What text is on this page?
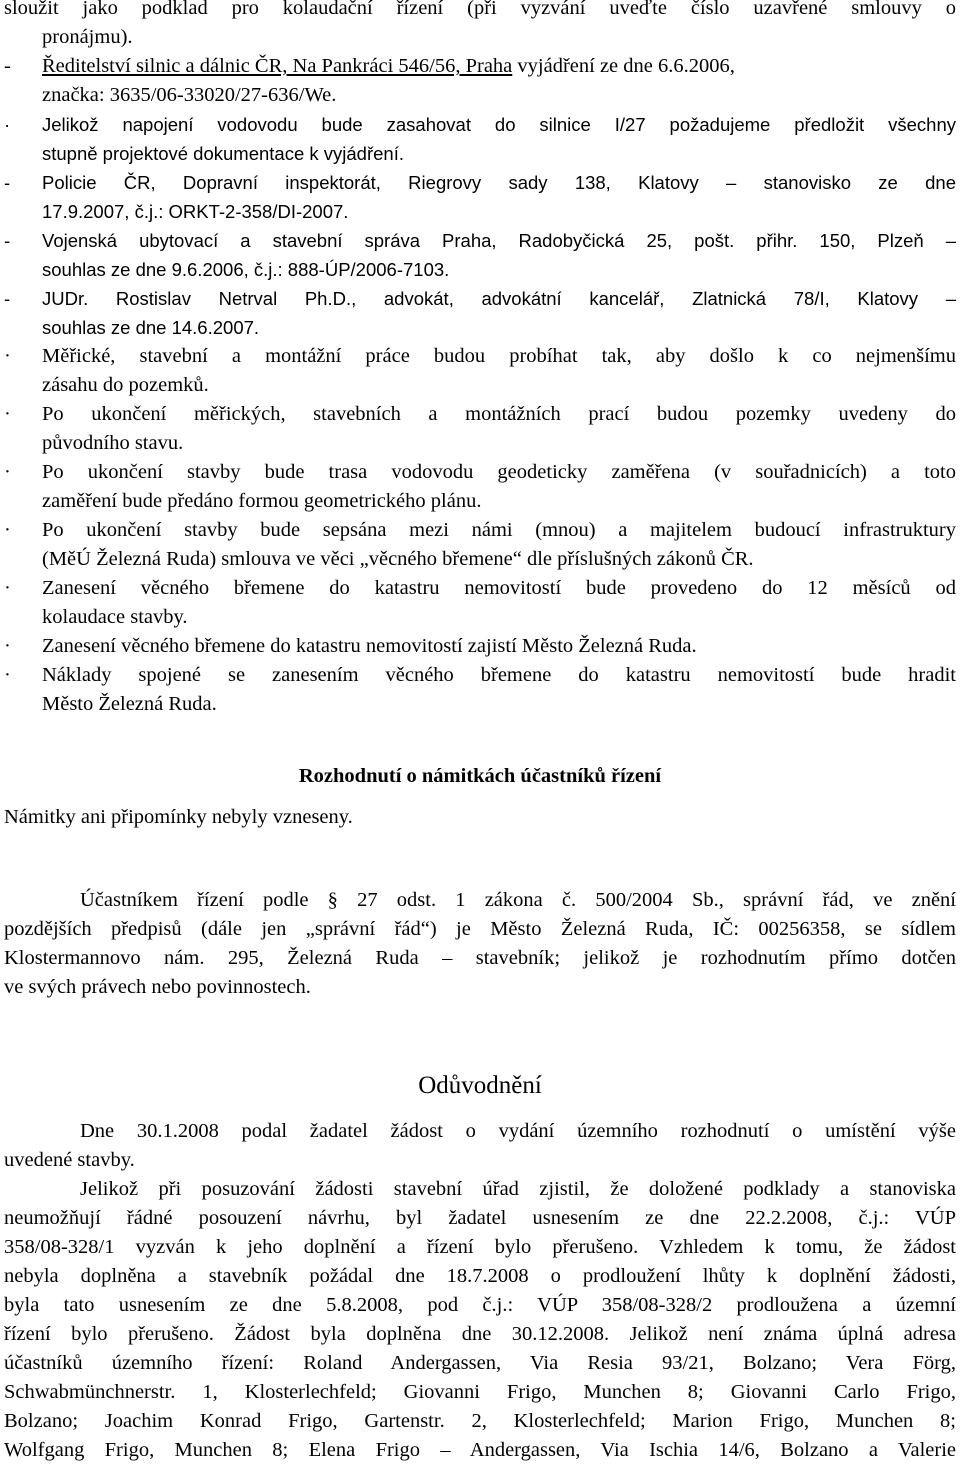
sloužit jako podklad pro kolaudační řízení (při vyzvání uveďte číslo uzavřené smlouvy o
pronájmu).
- Ředitelství silnic a dálnic ČR, Na Pankráci 546/56, Praha vyjádření ze dne 6.6.2006,
značka: 3635/06-33020/27-636/We.
· Jelikož napojení vodovodu bude zasahovat do silnice I/27 požadujeme předložit všechny
stupně projektové dokumentace k vyjádření.
- Policie ČR, Dopravní inspektorát, Riegrovy sady 138, Klatovy – stanovisko ze dne
17.9.2007, č.j.: ORKT-2-358/DI-2007.
- Vojenská ubytovací a stavební správa Praha, Radobyčická 25, pošt. přihr. 150, Plzeň –
souhlas ze dne 9.6.2006, č.j.: 888-ÚP/2006-7103.
- JUDr. Rostislav Netrval Ph.D., advokát, advokátní kancelář, Zlatnická 78/I, Klatovy –
souhlas ze dne 14.6.2007.
· Měřické, stavební a montážní práce budou probíhat tak, aby došlo k co nejmenšímu
zásahu do pozemků.
· Po ukončení měřických, stavebních a montážních prací budou pozemky uvedeny do
původního stavu.
· Po ukončení stavby bude trasa vodovodu geodeticky zaměřena (v souřadnicích) a toto
zaměření bude předáno formou geometrického plánu.
· Po ukončení stavby bude sepsána mezi námi (mnou) a majitelem budoucí infrastruktury
(MěÚ Železná Ruda) smlouva ve věci „věcného břemene“ dle příslušných zákonů ČR.
· Zanesení věcného břemene do katastru nemovitostí bude provedeno do 12 měsíců od
kolaudace stavby.
· Zanesení věcného břemene do katastru nemovitostí zajistí Město Železná Ruda.
· Náklady spojené se zanesením věcného břemene do katastru nemovitostí bude hradit
Město Železná Ruda.
Rozhodnutí o námitkách účastníků řízení
Námitky ani připomínky nebyly vzneseny.
Účastníkem řízení podle § 27 odst. 1 zákona č. 500/2004 Sb., správní řád, ve znění
pozdějších předpisů (dále jen „správní řád“) je Město Železná Ruda, IČ: 00256358, se sídlem
Klostermannovo nám. 295, Železná Ruda – stavebník; jelikož je rozhodnutím přímo dotčen
ve svých právech nebo povinnostech.
Odůvodnění
Dne 30.1.2008 podal žadatel žádost o vydání územního rozhodnutí o umístění výše
uvedené stavby.
Jelikož při posuzování žádosti stavební úřad zjistil, že doložené podklady a stanoviska
neumožňují řádné posouzení návrhu, byl žadatel usnesením ze dne 22.2.2008, č.j.: VÚP
358/08-328/1 vyzván k jeho doplnění a řízení bylo přerušeno. Vzhledem k tomu, že žádost
nebyla doplněna a stavebník požádal dne 18.7.2008 o prodloužení lhůty k doplnění žádosti,
byla tato usnesením ze dne 5.8.2008, pod č.j.: VÚP 358/08-328/2 prodloužena a územní
řízení bylo přerušeno. Žádost byla doplněna dne 30.12.2008. Jelikož není známa úplná adresa
účastníků územního řízení: Roland Andergassen, Via Resia 93/21, Bolzano; Vera Förg,
Schwabmünchnerstr. 1, Klosterlechfeld; Giovanni Frigo, Munchen 8; Giovanni Carlo Frigo,
Bolzano; Joachim Konrad Frigo, Gartenstr. 2, Klosterlechfeld; Marion Frigo, Munchen 8;
Wolfgang Frigo, Munchen 8; Elena Frigo – Andergassen, Via Ischia 14/6, Bolzano a Valerie
